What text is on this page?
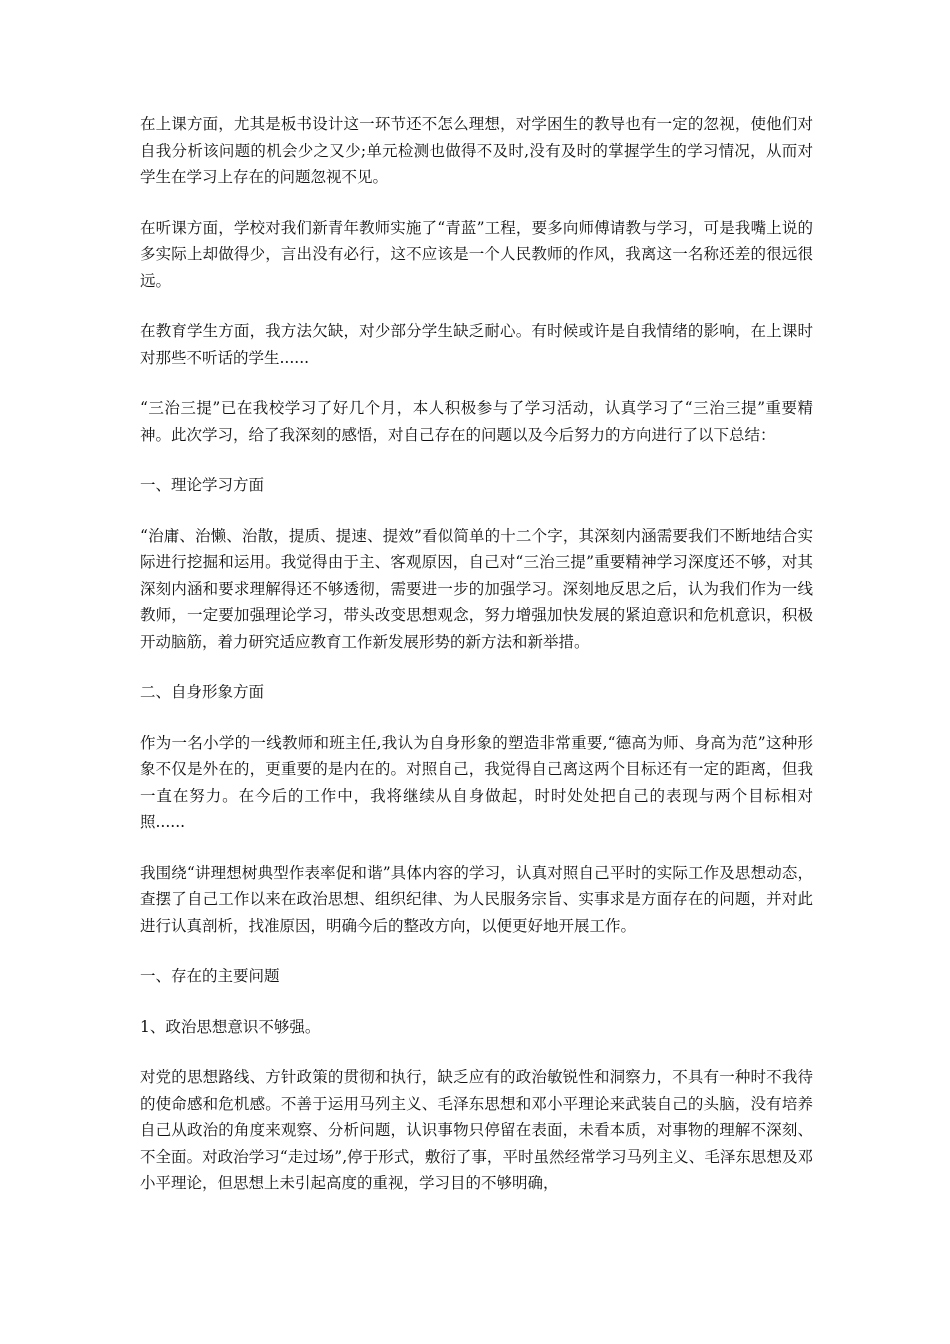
在上课方面，尤其是板书设计这一环节还不怎么理想，对学困生的教导也有一定的忽视，使他们对自我分析该问题的机会少之又少;单元检测也做得不及时,没有及时的掌握学生的学习情况，从而对学生在学习上存在的问题忽视不见。

在听课方面，学校对我们新青年教师实施了“青蓝”工程，要多向师傅请教与学习，可是我嘴上说的多实际上却做得少，言出没有必行，这不应该是一个人民教师的作风，我离这一名称还差的很远很远。

在教育学生方面，我方法欠缺，对少部分学生缺乏耐心。有时候或许是自我情绪的影响，在上课时对那些不听话的学生......

“三治三提”已在我校学习了好几个月，本人积极参与了学习活动，认真学习了“三治三提”重要精神。此次学习，给了我深刻的感悟，对自己存在的问题以及今后努力的方向进行了以下总结：

一、理论学习方面

“治庸、治懒、治散，提质、提速、提效”看似简单的十二个字，其深刻内涵需要我们不断地结合实际进行挖掘和运用。我觉得由于主、客观原因，自己对“三治三提”重要精神学习深度还不够，对其深刻内涵和要求理解得还不够透彻，需要进一步的加强学习。深刻地反思之后，认为我们作为一线教师，一定要加强理论学习，带头改变思想观念，努力增强加快发展的紧迫意识和危机意识，积极开动脑筋，着力研究适应教育工作新发展形势的新方法和新举措。

二、自身形象方面

作为一名小学的一线教师和班主任,我认为自身形象的塑造非常重要,“德高为师、身高为范”这种形象不仅是外在的，更重要的是内在的。对照自己，我觉得自己离这两个目标还有一定的距离，但我一直在努力。在今后的工作中，我将继续从自身做起，时时处处把自己的表现与两个目标相对照......

我围绕“讲理想树典型作表率促和谐”具体内容的学习，认真对照自己平时的实际工作及思想动态，查摆了自己工作以来在政治思想、组织纪律、为人民服务宗旨、实事求是方面存在的问题，并对此进行认真剖析，找准原因，明确今后的整改方向，以便更好地开展工作。

一、存在的主要问题

1、政治思想意识不够强。

对党的思想路线、方针政策的贯彻和执行，缺乏应有的政治敏锐性和洞察力，不具有一种时不我待的使命感和危机感。不善于运用马列主义、毛泽东思想和邓小平理论来武装自己的头脑，没有培养自己从政治的角度来观察、分析问题，认识事物只停留在表面，未看本质，对事物的理解不深刻、不全面。对政治学习“走过场”,停于形式，敷衍了事，平时虽然经常学习马列主义、毛泽东思想及邓小平理论，但思想上未引起高度的重视，学习目的不够明确，
